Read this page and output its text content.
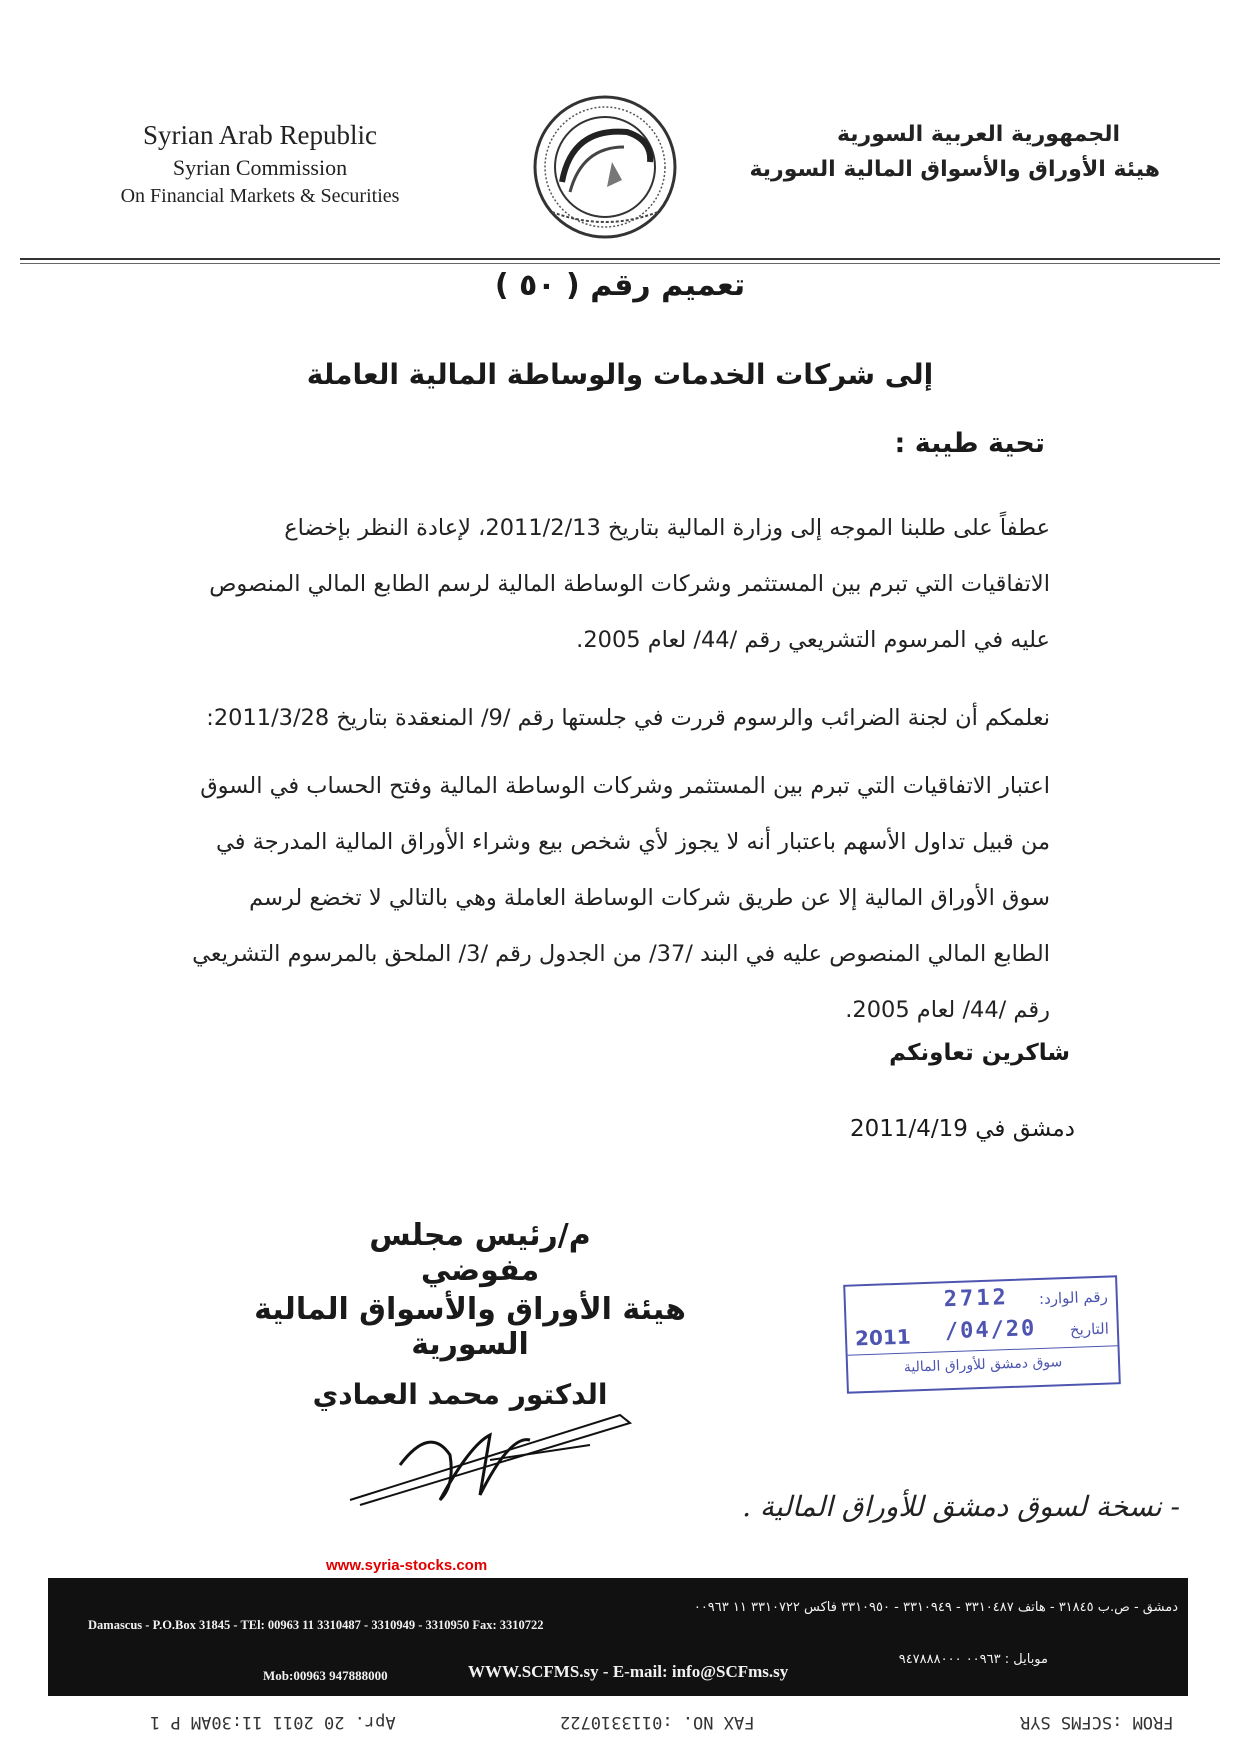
Syrian Arab Republic
Syrian Commission
On Financial Markets & Securities
الجمهورية العربية السورية
هيئة الأوراق والأسواق المالية السورية
تعميم رقم ( ٥٠ )
إلى شركات الخدمات والوساطة المالية العاملة
تحية طيبة :
عطفاً على طلبنا الموجه إلى وزارة المالية بتاريخ 2011/2/13، لإعادة النظر بإخضاع الاتفاقيات التي تبرم بين المستثمر وشركات الوساطة المالية لرسم الطابع المالي المنصوص عليه في المرسوم التشريعي رقم /44/ لعام 2005.
نعلمكم أن لجنة الضرائب والرسوم قررت في جلستها رقم /9/ المنعقدة بتاريخ 2011/3/28:
اعتبار الاتفاقيات التي تبرم بين المستثمر وشركات الوساطة المالية وفتح الحساب في السوق من قبيل تداول الأسهم باعتبار أنه لا يجوز لأي شخص بيع وشراء الأوراق المالية المدرجة في سوق الأوراق المالية إلا عن طريق شركات الوساطة العاملة وهي بالتالي لا تخضع لرسم الطابع المالي المنصوص عليه في البند /37/ من الجدول رقم /3/ الملحق بالمرسوم التشريعي رقم /44/ لعام 2005.
شاكرين تعاونكم
دمشق في 2011/4/19
م/رئيس مجلس مفوضي
هيئة الأوراق والأسواق المالية السورية
الدكتور محمد العمادي
رقم الوارد:
2712
2011 /04/20 التاريخ
سوق دمشق للأوراق المالية
- نسخة لسوق دمشق للأوراق المالية .
www.syria-stocks.com
دمشق - ص.ب ٣١٨٤٥ - هاتف ٣٣١٠٤٨٧ - ٣٣١٠٩٤٩ - ٣٣١٠٩٥٠ فاكس ٣٣١٠٧٢٢ ١١ ٠٠٩٦٣
Damascus - P.O.Box 31845 - TEl: 00963 11 3310487 - 3310949 - 3310950 Fax: 3310722
موبايل : ٠٠٩٦٣ ٩٤٧٨٨٨٠٠٠
Mob:00963 947888000	WWW.SCFMS.sy - E-mail: info@SCFms.sy
FROM :SCFMS SYR
FAX NO. :0113310722
Apr. 20 2011 11:30AM P 1
